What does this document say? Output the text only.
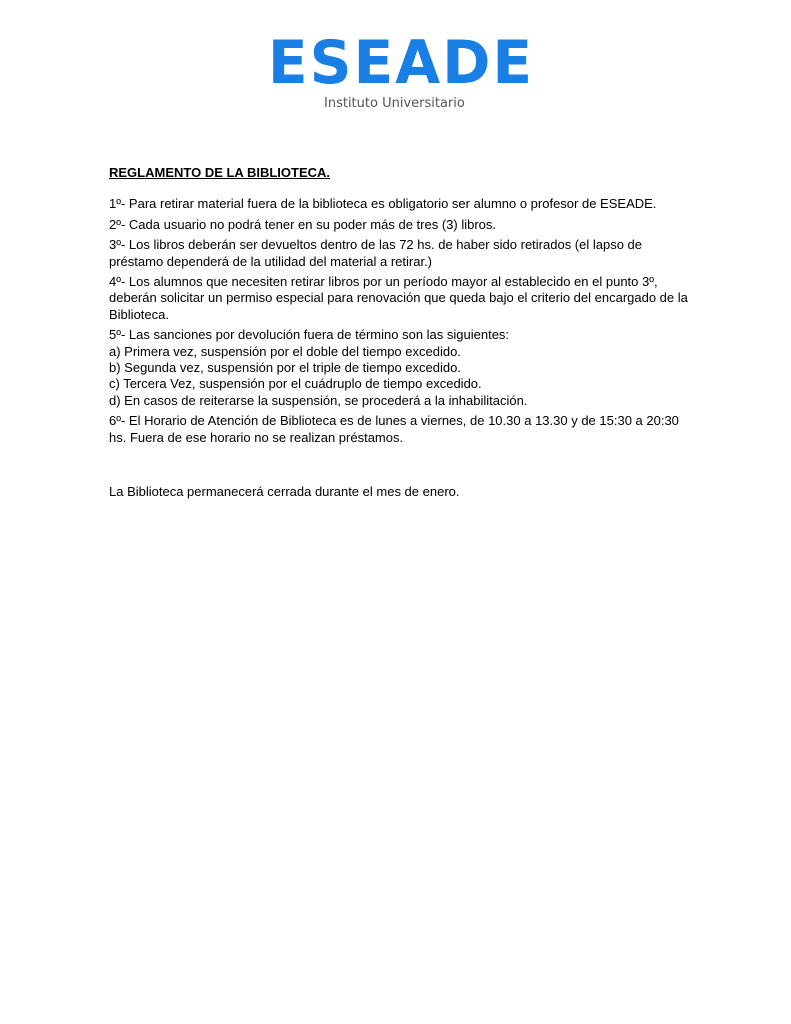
ESEADE
Instituto Universitario
REGLAMENTO DE LA BIBLIOTECA.
1º- Para retirar material fuera de la biblioteca es obligatorio ser alumno o profesor de ESEADE.
2º- Cada usuario no podrá tener en su poder más de tres (3) libros.
3º- Los libros deberán ser devueltos dentro de las 72 hs. de haber sido retirados (el lapso de préstamo dependerá de la utilidad del material a retirar.)
4º- Los alumnos que necesiten retirar libros por un período mayor al establecido en el punto 3º, deberán solicitar un permiso especial para renovación que queda bajo el criterio del encargado de la Biblioteca.
5º- Las sanciones por devolución fuera de término son las siguientes:
a) Primera vez, suspensión por el doble del tiempo excedido.
b) Segunda vez, suspensión por el triple de tiempo excedido.
c) Tercera Vez, suspensión por el cuádruplo de tiempo excedido.
d) En casos de reiterarse la suspensión, se procederá a la inhabilitación.
6º- El Horario de Atención de Biblioteca es de lunes a viernes, de 10.30 a 13.30 y de 15:30 a 20:30 hs. Fuera de ese horario no se realizan préstamos.
La Biblioteca permanecerá cerrada durante el mes de enero.
